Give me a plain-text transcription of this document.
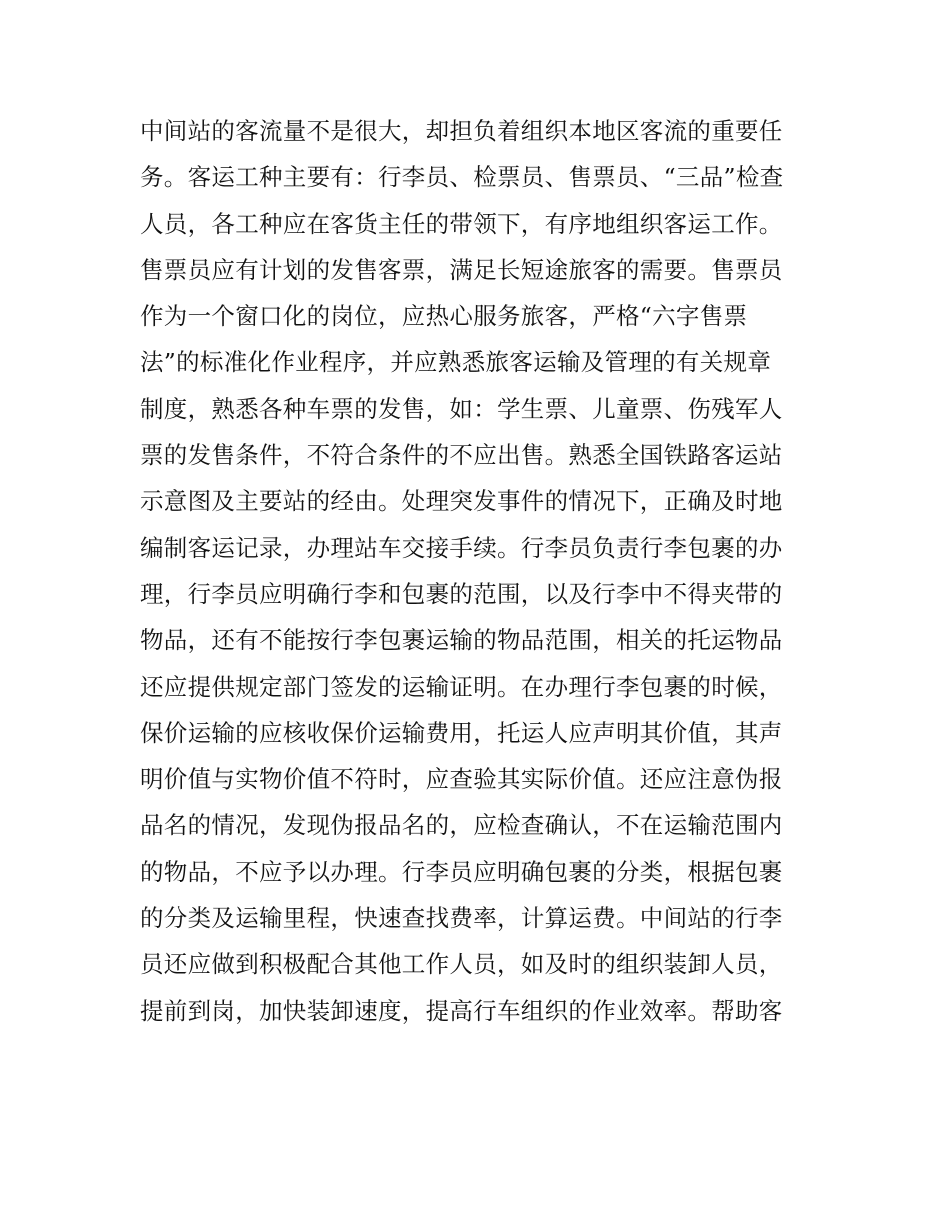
中间站的客流量不是很大，却担负着组织本地区客流的重要任
务。客运工种主要有：行李员、检票员、售票员、“三品”检查
人员，各工种应在客货主任的带领下，有序地组织客运工作。
售票员应有计划的发售客票，满足长短途旅客的需要。售票员
作为一个窗口化的岗位，应热心服务旅客，严格“六字售票
法”的标准化作业程序，并应熟悉旅客运输及管理的有关规章
制度，熟悉各种车票的发售，如：学生票、儿童票、伤残军人
票的发售条件，不符合条件的不应出售。熟悉全国铁路客运站
示意图及主要站的经由。处理突发事件的情况下，正确及时地
编制客运记录，办理站车交接手续。行李员负责行李包裹的办
理，行李员应明确行李和包裹的范围，以及行李中不得夹带的
物品，还有不能按行李包裹运输的物品范围，相关的托运物品
还应提供规定部门签发的运输证明。在办理行李包裹的时候，
保价运输的应核收保价运输费用，托运人应声明其价值，其声
明价值与实物价值不符时，应查验其实际价值。还应注意伪报
品名的情况，发现伪报品名的，应检查确认，不在运输范围内
的物品，不应予以办理。行李员应明确包裹的分类，根据包裹
的分类及运输里程，快速查找费率，计算运费。中间站的行李
员还应做到积极配合其他工作人员，如及时的组织装卸人员，
提前到岗，加快装卸速度，提高行车组织的作业效率。帮助客
